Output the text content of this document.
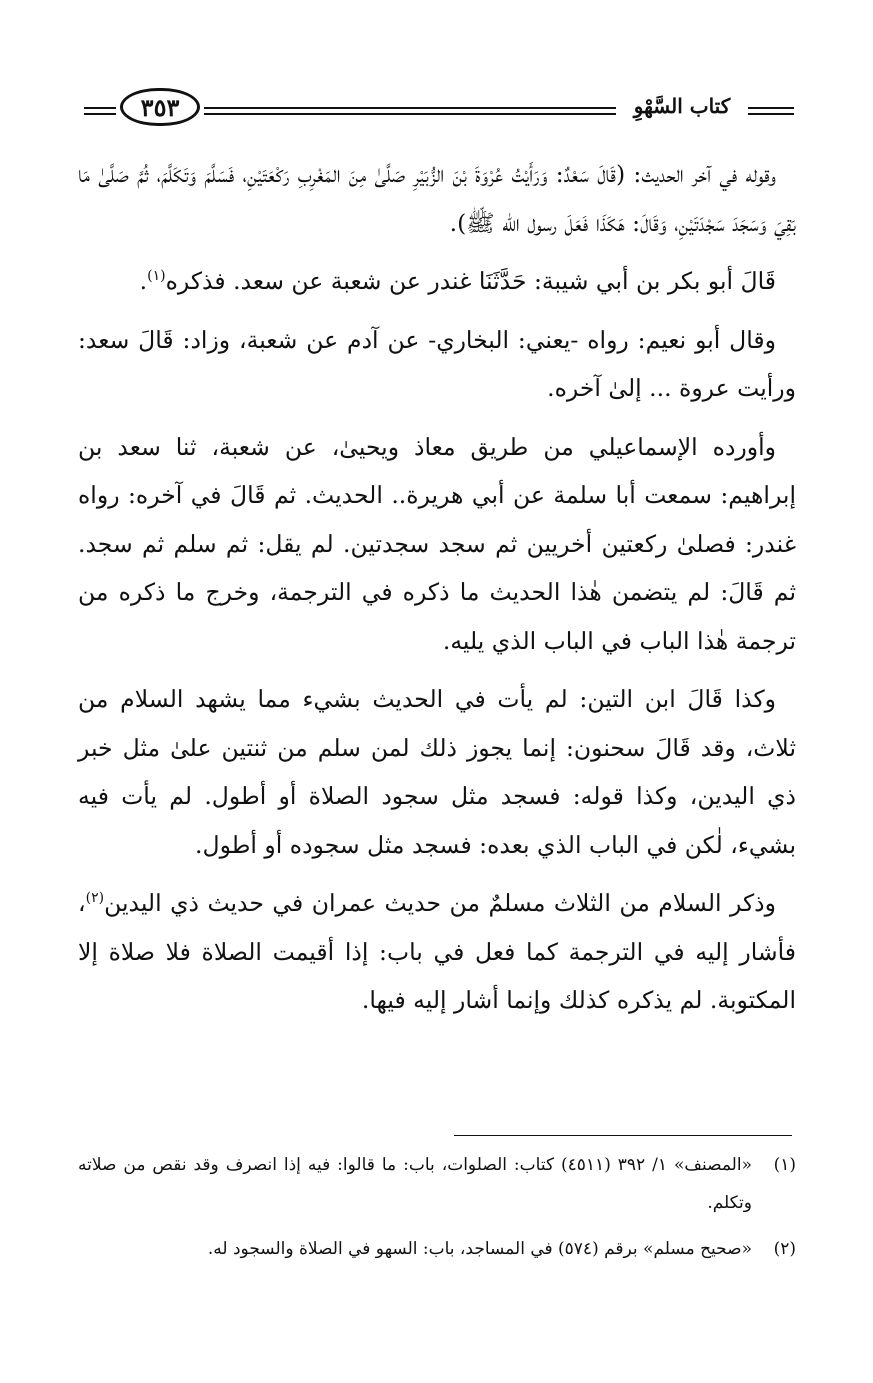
٣٥٣	كتاب السَّهْوِ

وقوله في آخر الحديث: (قَالَ سَعْدٌ: وَرَأَيْتُ عُرْوَةَ بْنَ الزُّبَيْرِ صَلَّىٰ مِنَ المَغْرِبِ رَكْعَتَيْنِ، فَسَلَّمَ وَتَكَلَّمَ، ثُمَّ صَلَّىٰ مَا بَقِيَ وَسَجَدَ سَجْدَتَيْنِ، وَقَالَ: هَكَذَا فَعَلَ رسول الله ﷺ).

قَالَ أبو بكر بن أبي شيبة: حَدَّثَنَا غندر عن شعبة عن سعد. فذكره$^{(١)}$.

وقال أبو نعيم: رواه -يعني: البخاري- عن آدم عن شعبة، وزاد: قَالَ سعد: ورأيت عروة ... إلىٰ آخره.

وأورده الإسماعيلي من طريق معاذ ويحيىٰ، عن شعبة، ثنا سعد بن إبراهيم: سمعت أبا سلمة عن أبي هريرة.. الحديث. ثم قَالَ في آخره: رواه غندر: فصلىٰ ركعتين أخريين ثم سجد سجدتين. لم يقل: ثم سلم ثم سجد. ثم قَالَ: لم يتضمن هٰذا الحديث ما ذكره في الترجمة، وخرج ما ذكره من ترجمة هٰذا الباب في الباب الذي يليه.

وكذا قَالَ ابن التين: لم يأت في الحديث بشيء مما يشهد السلام من ثلاث، وقد قَالَ سحنون: إنما يجوز ذلك لمن سلم من ثنتين علىٰ مثل خبر ذي اليدين، وكذا قوله: فسجد مثل سجود الصلاة أو أطول. لم يأت فيه بشيء، لٰكن في الباب الذي بعده: فسجد مثل سجوده أو أطول.

وذكر السلام من الثلاث مسلمٌ من حديث عمران في حديث ذي اليدين$^{(٢)}$، فأشار إليه في الترجمة كما فعل في باب: إذا أقيمت الصلاة فلا صلاة إلا المكتوبة. لم يذكره كذلك وإنما أشار إليه فيها.

(١)«المصنف» ١/ ٣٩٢ (٤٥١١) كتاب: الصلوات، باب: ما قالوا: فيه إذا انصرف وقد نقص من صلاته وتكلم.

(٢)«صحيح مسلم» برقم (٥٧٤) في المساجد، باب: السهو في الصلاة والسجود له.
